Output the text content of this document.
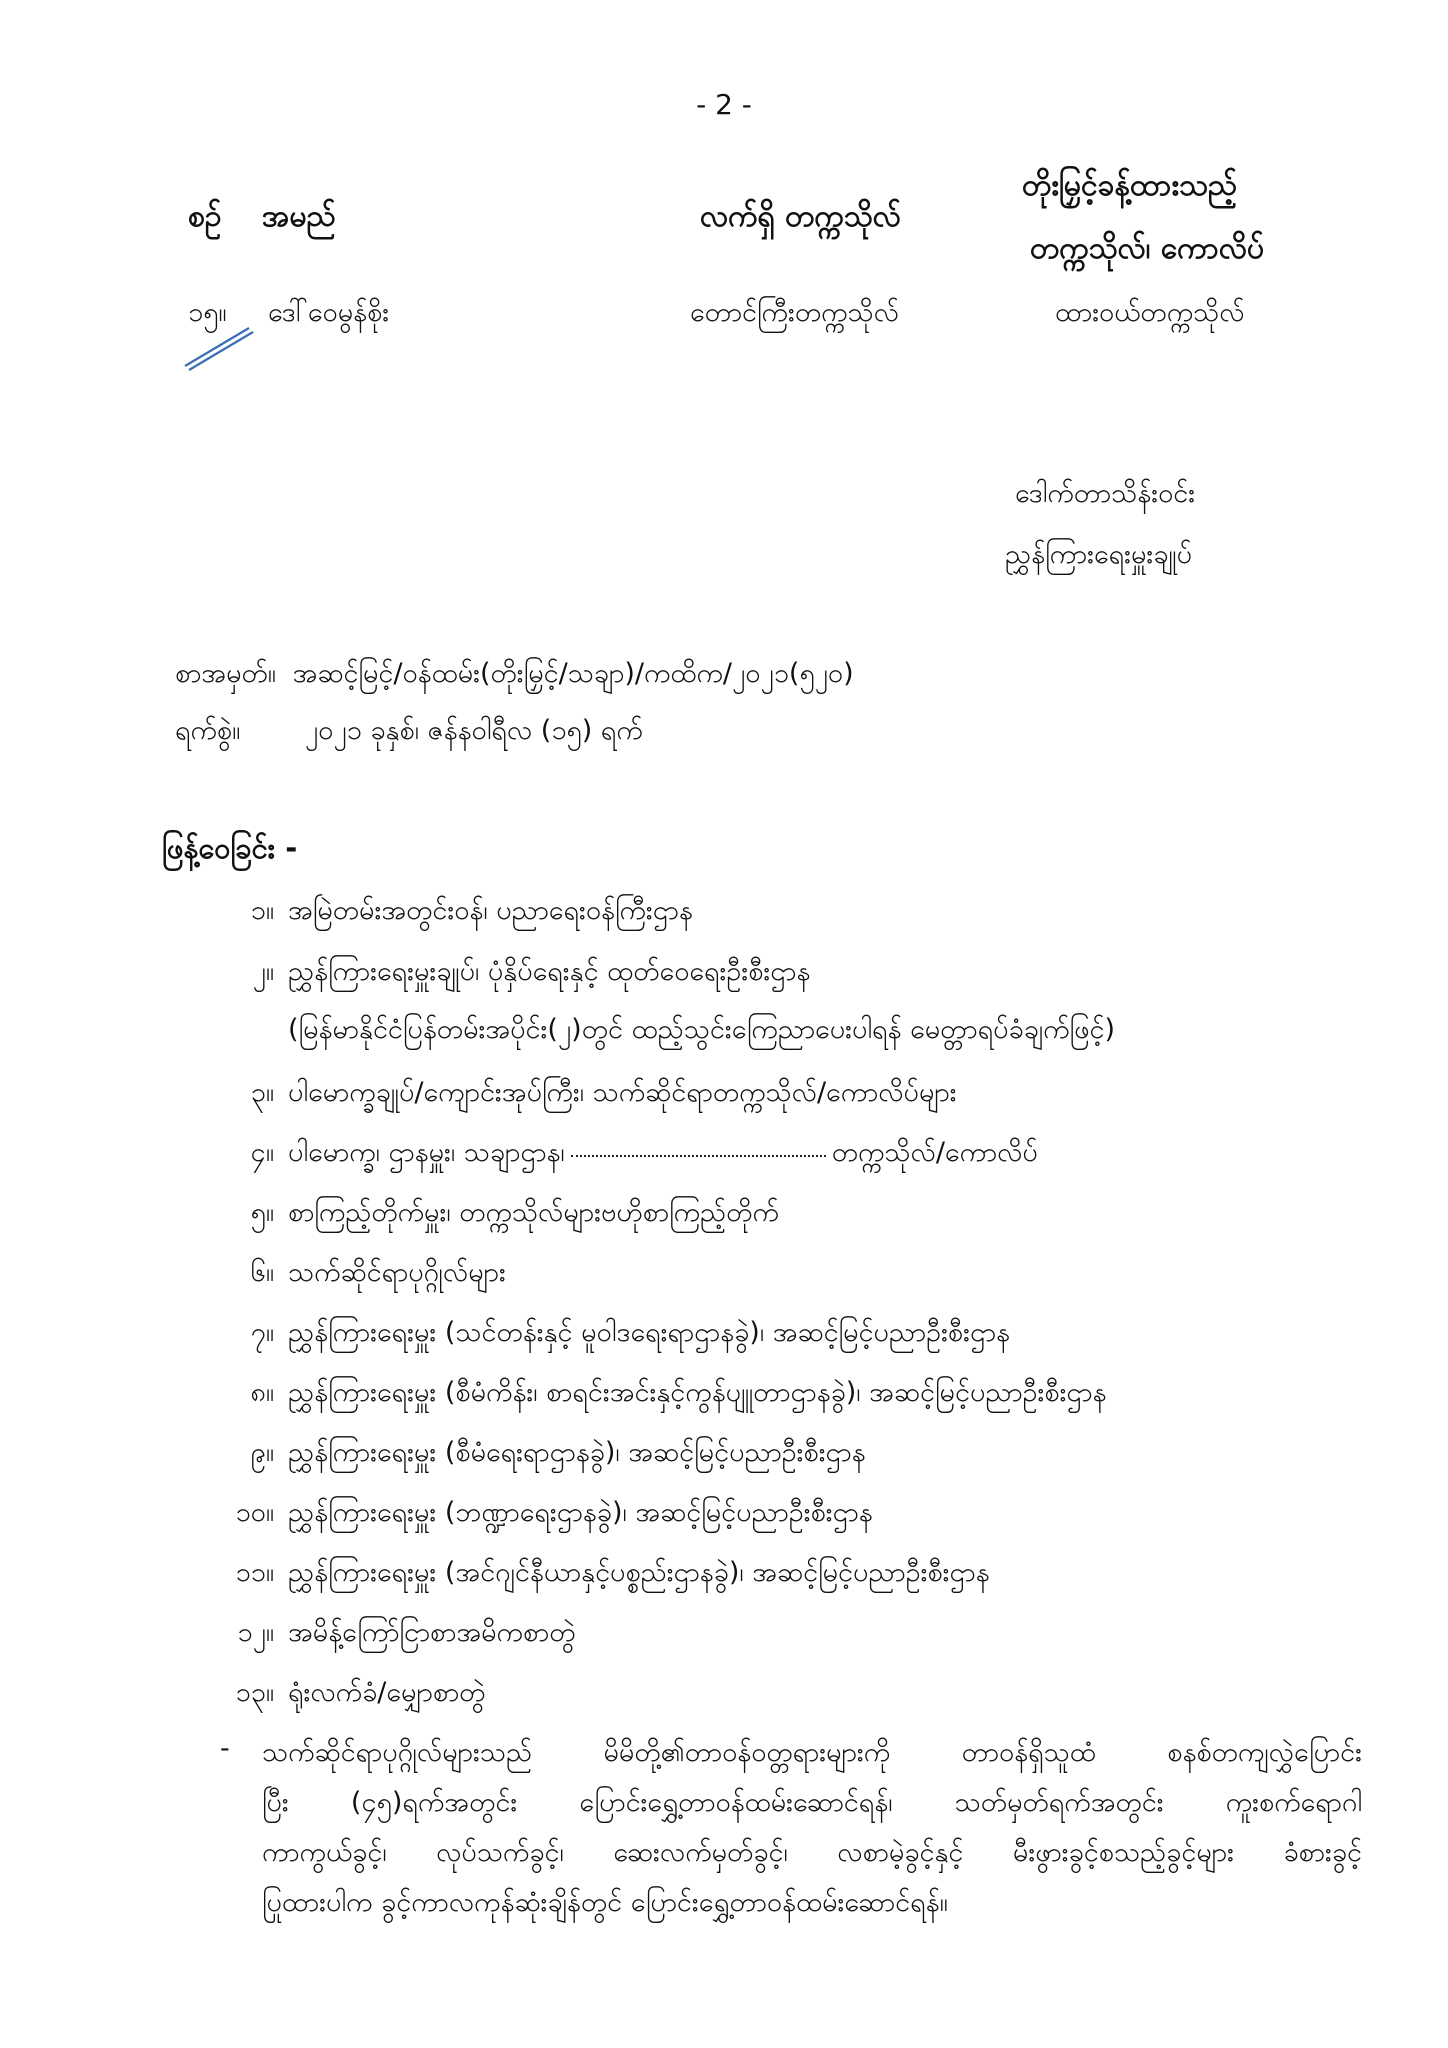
- 2 -
စဉ် အမည်	လက်ရှိ တက္ကသိုလ်
တိုးမြှင့်ခန့်ထားသည့်
တက္ကသိုလ်၊ ကောလိပ်
၁၅။ ဒေါ်ဝေမွန်စိုး	တောင်ကြီးတက္ကသိုလ်	ထားဝယ်တက္ကသိုလ်
ဒေါက်တာသိန်းဝင်း
ညွှန်ကြားရေးမှူးချုပ်
စာအမှတ်။ အဆင့်မြင့်/ဝန်ထမ်း(တိုးမြှင့်/သချာ)/ကထိက/၂၀၂၁(၅၂၀)
ရက်စွဲ။ ၂၀၂၁ ခုနှစ်၊ ဇန်နဝါရီလ (၁၅) ရက်
ဖြန့်ဝေခြင်း -
၁။ အမြဲတမ်းအတွင်းဝန်၊ ပညာရေးဝန်ကြီးဌာန
၂။ ညွှန်ကြားရေးမှူးချုပ်၊ ပုံနှိပ်ရေးနှင့် ထုတ်ဝေရေးဦးစီးဌာန
(မြန်မာနိုင်ငံပြန်တမ်းအပိုင်း(၂)တွင် ထည့်သွင်းကြေညာပေးပါရန် မေတ္တာရပ်ခံချက်ဖြင့်)
၃။ ပါမောက္ခချုပ်/ကျောင်းအုပ်ကြီး၊ သက်ဆိုင်ရာတက္ကသိုလ်/ကောလိပ်များ
၄။ ပါမောက္ခ၊ ဌာနမှူး၊ သချာဌာန၊	တက္ကသိုလ်/ကောလိပ်
၅။ စာကြည့်တိုက်မှူး၊ တက္ကသိုလ်များဗဟိုစာကြည့်တိုက်
၆။ သက်ဆိုင်ရာပုဂ္ဂိုလ်များ
၇။ ညွှန်ကြားရေးမှူး (သင်တန်းနှင့် မူဝါဒရေးရာဌာနခွဲ)၊ အဆင့်မြင့်ပညာဦးစီးဌာန
၈။ ညွှန်ကြားရေးမှူး (စီမံကိန်း၊ စာရင်းအင်းနှင့်ကွန်ပျူတာဌာနခွဲ)၊ အဆင့်မြင့်ပညာဦးစီးဌာန
၉။ ညွှန်ကြားရေးမှူး (စီမံရေးရာဌာနခွဲ)၊ အဆင့်မြင့်ပညာဦးစီးဌာန
၁၀။ ညွှန်ကြားရေးမှူး (ဘဏ္ဍာရေးဌာနခွဲ)၊ အဆင့်မြင့်ပညာဦးစီးဌာန
၁၁။ ညွှန်ကြားရေးမှူး (အင်ဂျင်နီယာနှင့်ပစ္စည်းဌာနခွဲ)၊ အဆင့်မြင့်ပညာဦးစီးဌာန
၁၂။ အမိန့်ကြော်ငြာစာအမိကစာတွဲ
၁၃။ ရုံးလက်ခံ/မျှောစာတွဲ
- သက်ဆိုင်ရာပုဂ္ဂိုလ်များသည် မိမိတို့၏တာဝန်ဝတ္တရားများကို တာဝန်ရှိသူထံ စနစ်တကျလွှဲပြောင်း
ပြီး (၄၅)ရက်အတွင်း ပြောင်းရွှေ့တာဝန်ထမ်းဆောင်ရန်၊ သတ်မှတ်ရက်အတွင်း ကူးစက်ရောဂါ
ကာကွယ်ခွင့်၊ လုပ်သက်ခွင့်၊ ဆေးလက်မှတ်ခွင့်၊ လစာမဲ့ခွင့်နှင့် မီးဖွားခွင့်စသည့်ခွင့်များ ခံစားခွင့်
ပြုထားပါက ခွင့်ကာလကုန်ဆုံးချိန်တွင် ပြောင်းရွှေ့တာဝန်ထမ်းဆောင်ရန်။
